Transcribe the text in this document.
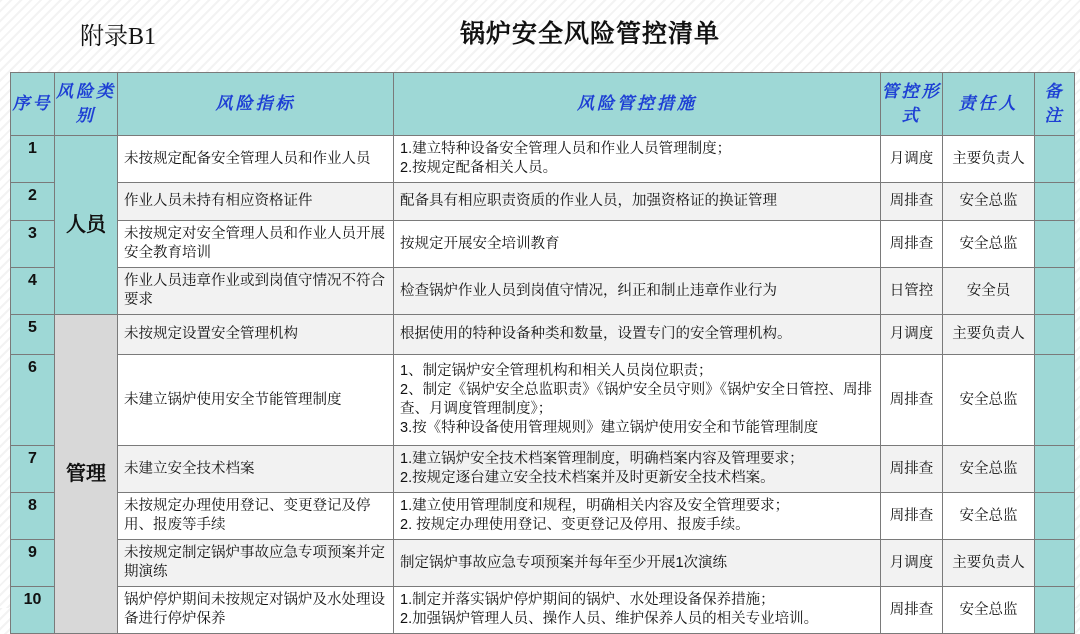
附录B1	锅炉安全风险管控清单
序号	风险类别	风险指标	风险管控措施	管控形式	责任人	备注
1	人员	未按规定配备安全管理人员和作业人员	1.建立特种设备安全管理人员和作业人员管理制度；
2.按规定配备相关人员。	月调度	主要负责人	
2		作业人员未持有相应资格证件	配备具有相应职责资质的作业人员，加强资格证的换证管理	周排查	安全总监	
3		未按规定对安全管理人员和作业人员开展安全教育培训	按规定开展安全培训教育	周排查	安全总监	
4		作业人员违章作业或到岗值守情况不符合要求	检查锅炉作业人员到岗值守情况，纠正和制止违章作业行为	日管控	安全员	
5	管理	未按规定设置安全管理机构	根据使用的特种设备种类和数量，设置专门的安全管理机构。	月调度	主要负责人	
6		未建立锅炉使用安全节能管理制度	1、制定锅炉安全管理机构和相关人员岗位职责；
2、制定《锅炉安全总监职责》《锅炉安全员守则》《锅炉安全日管控、周排查、月调度管理制度》；
3.按《特种设备使用管理规则》建立锅炉使用安全和节能管理制度	周排查	安全总监	
7		未建立安全技术档案	1.建立锅炉安全技术档案管理制度，明确档案内容及管理要求；
2.按规定逐台建立安全技术档案并及时更新安全技术档案。	周排查	安全总监	
8		未按规定办理使用登记、变更登记及停用、报废等手续	1.建立使用管理制度和规程，明确相关内容及安全管理要求；
2. 按规定办理使用登记、变更登记及停用、报废手续。	周排查	安全总监	
9		未按规定制定锅炉事故应急专项预案并定期演练	制定锅炉事故应急专项预案并每年至少开展1次演练	月调度	主要负责人	
10		锅炉停炉期间未按规定对锅炉及水处理设备进行停炉保养	1.制定并落实锅炉停炉期间的锅炉、水处理设备保养措施；
2.加强锅炉管理人员、操作人员、维护保养人员的相关专业培训。	周排查	安全总监	
